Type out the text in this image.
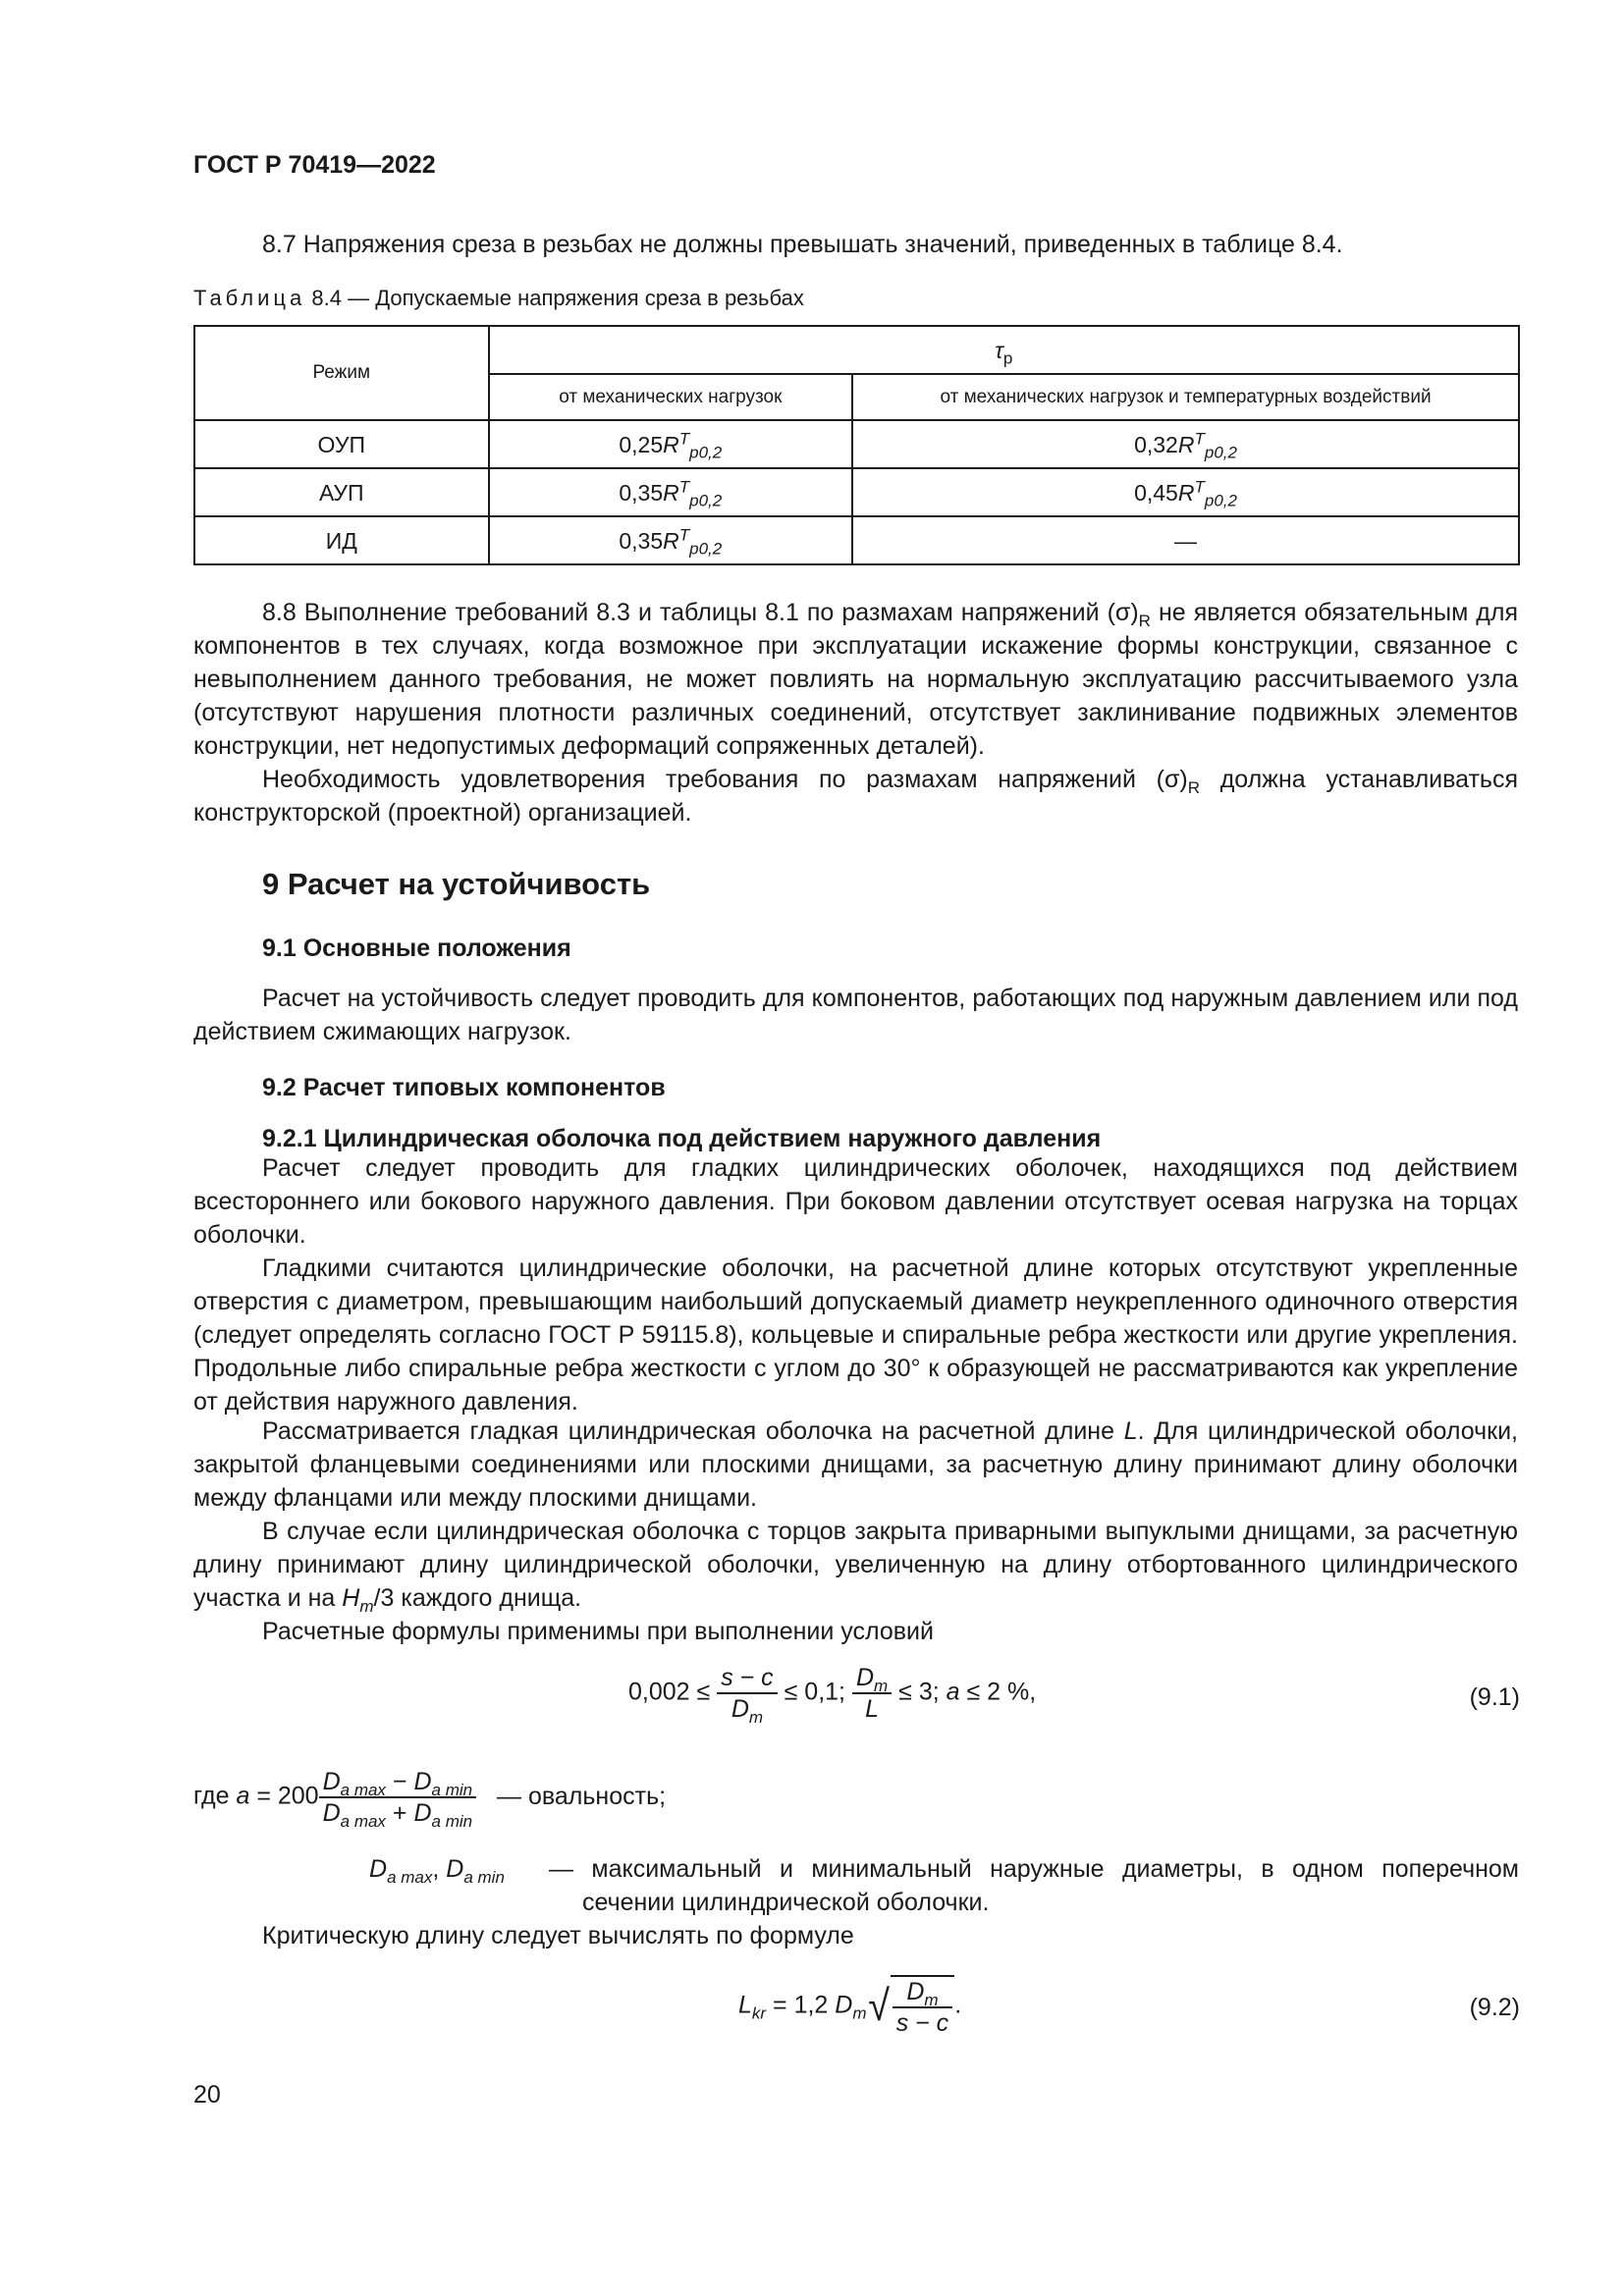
ГОСТ Р 70419—2022
8.7 Напряжения среза в резьбах не должны превышать значений, приведенных в таблице 8.4.
Таблица 8.4 — Допускаемые напряжения среза в резьбах
Режим	$\tau_р$
	от механических нагрузок	от механических нагрузок и температурных воздействий
ОУП	$0,25R^T_{p0,2}$	$0,32R^T_{p0,2}$
АУП	$0,35R^T_{p0,2}$	$0,45R^T_{p0,2}$
ИД	$0,35R^T_{p0,2}$	—
8.8 Выполнение требований 8.3 и таблицы 8.1 по размахам напряжений $(\sigma)_R$ не является обязательным для компонентов в тех случаях, когда возможное при эксплуатации искажение формы конструкции, связанное с невыполнением данного требования, не может повлиять на нормальную эксплуатацию рассчитываемого узла (отсутствуют нарушения плотности различных соединений, отсутствует заклинивание подвижных элементов конструкции, нет недопустимых деформаций сопряженных деталей).
Необходимость удовлетворения требования по размахам напряжений $(\sigma)_R$ должна устанавливаться конструкторской (проектной) организацией.
9 Расчет на устойчивость
9.1 Основные положения
Расчет на устойчивость следует проводить для компонентов, работающих под наружным давлением или под действием сжимающих нагрузок.
9.2 Расчет типовых компонентов
9.2.1 Цилиндрическая оболочка под действием наружного давления
Расчет следует проводить для гладких цилиндрических оболочек, находящихся под действием всестороннего или бокового наружного давления. При боковом давлении отсутствует осевая нагрузка на торцах оболочки.
Гладкими считаются цилиндрические оболочки, на расчетной длине которых отсутствуют укрепленные отверстия с диаметром, превышающим наибольший допускаемый диаметр неукрепленного одиночного отверстия (следует определять согласно ГОСТ Р 59115.8), кольцевые и спиральные ребра жесткости или другие укрепления. Продольные либо спиральные ребра жесткости с углом до 30° к образующей не рассматриваются как укрепление от действия наружного давления.
Рассматривается гладкая цилиндрическая оболочка на расчетной длине L. Для цилиндрической оболочки, закрытой фланцевыми соединениями или плоскими днищами, за расчетную длину принимают длину оболочки между фланцами или между плоскими днищами.
В случае если цилиндрическая оболочка с торцов закрыта приварными выпуклыми днищами, за расчетную длину принимают длину цилиндрической оболочки, увеличенную на длину отбортованного цилиндрического участка и на $H_m/3$ каждого днища.
Расчетные формулы применимы при выполнении условий
$0,002 \le \frac{s - c}{D_m} \le 0,1$; $\frac{D_m}{L} \le 3$; a ≤ 2 %,	(9.1)
где $a = 200 \frac{D_{a max} - D_{a min}}{D_{a max} + D_{a min}}$ — овальность;
$D_{a max}$, $D_{a min}$ — максимальный и минимальный наружные диаметры, в одном поперечном сечении цилиндрической оболочки.
Критическую длину следует вычислять по формуле
$L_{kr} = 1,2$ $D_m√ \frac{D_m}{s - c}$ .	(9.2)
20
